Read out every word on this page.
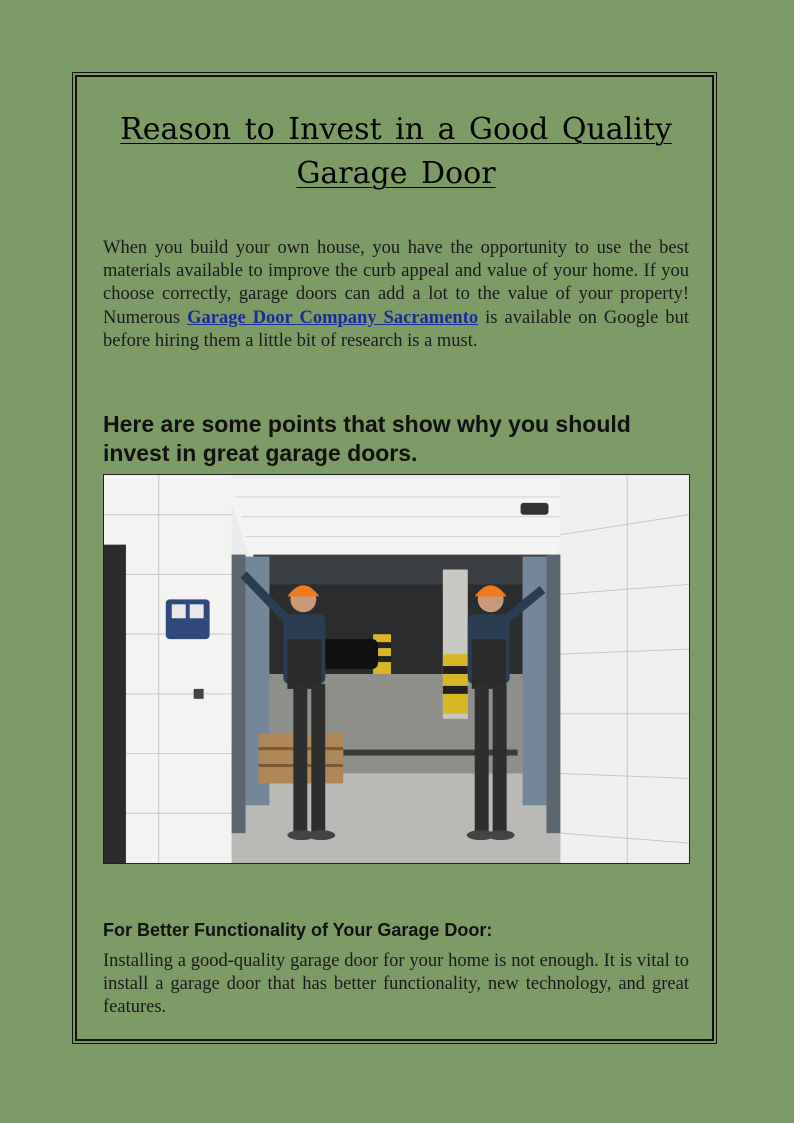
Reason to Invest in a Good Quality Garage Door

When you build your own house, you have the opportunity to use the best materials available to improve the curb appeal and value of your home. If you choose correctly, garage doors can add a lot to the value of your property! Numerous Garage Door Company Sacramento is available on Google but before hiring them a little bit of research is a must.

Here are some points that show why you should invest in great garage doors.
For Better Functionality of Your Garage Door:

Installing a good-quality garage door for your home is not enough. It is vital to install a garage door that has better functionality, new technology, and great features.
